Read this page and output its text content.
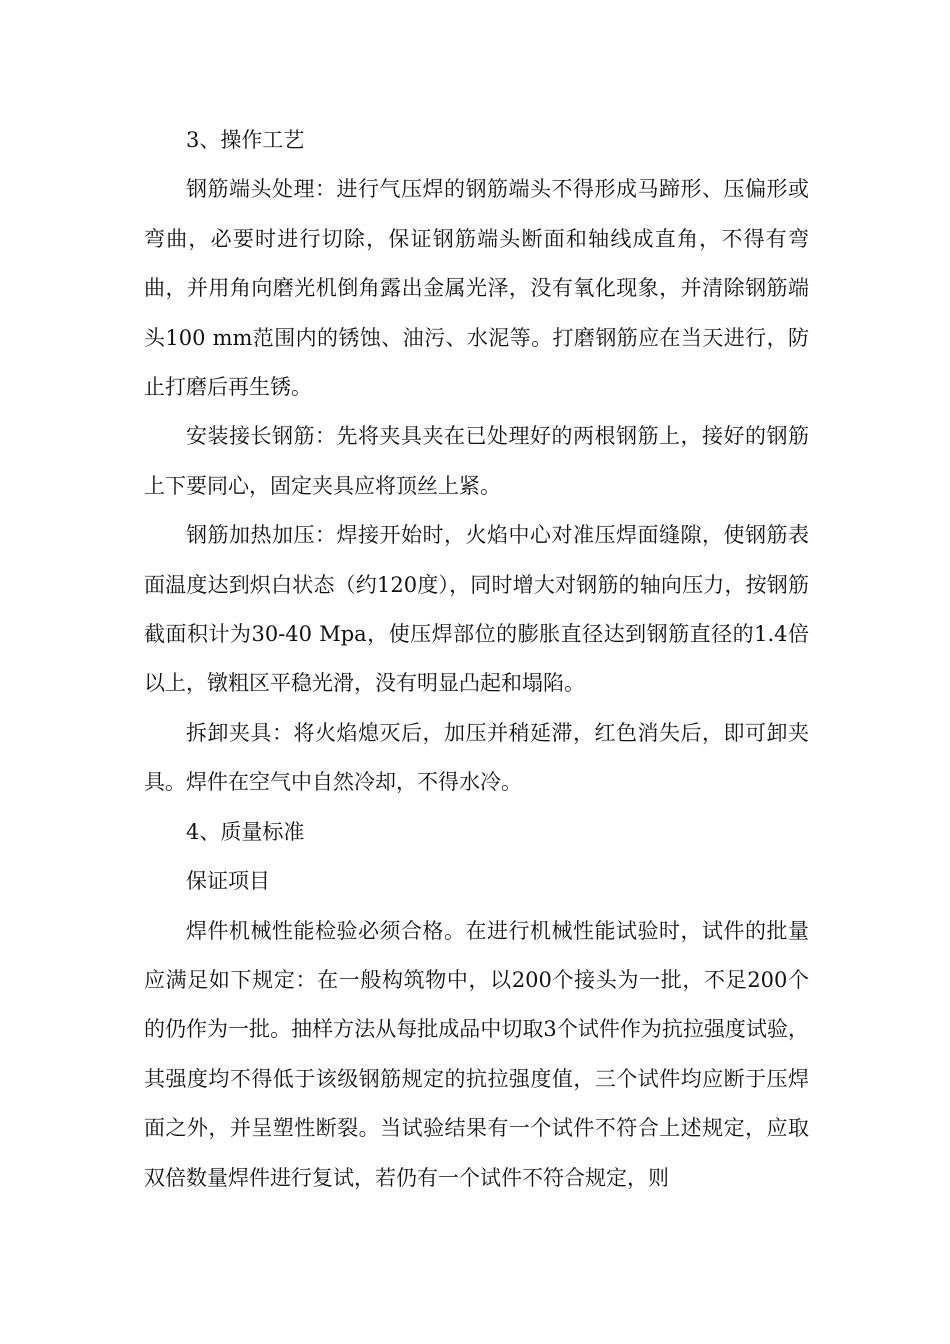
3、操作工艺

钢筋端头处理：进行气压焊的钢筋端头不得形成马蹄形、压偏形或弯曲，必要时进行切除，保证钢筋端头断面和轴线成直角，不得有弯曲，并用角向磨光机倒角露出金属光泽，没有氧化现象，并清除钢筋端头100 mm范围内的锈蚀、油污、水泥等。打磨钢筋应在当天进行，防止打磨后再生锈。

安装接长钢筋：先将夹具夹在已处理好的两根钢筋上，接好的钢筋上下要同心，固定夹具应将顶丝上紧。

钢筋加热加压：焊接开始时，火焰中心对准压焊面缝隙，使钢筋表面温度达到炽白状态（约120度），同时增大对钢筋的轴向压力，按钢筋截面积计为30-40 Mpa，使压焊部位的膨胀直径达到钢筋直径的1.4倍以上，镦粗区平稳光滑，没有明显凸起和塌陷。

拆卸夹具：将火焰熄灭后，加压并稍延滞，红色消失后，即可卸夹具。焊件在空气中自然冷却，不得水冷。

4、质量标准

保证项目

焊件机械性能检验必须合格。在进行机械性能试验时，试件的批量应满足如下规定：在一般构筑物中，以200个接头为一批，不足200个的仍作为一批。抽样方法从每批成品中切取3个试件作为抗拉强度试验，其强度均不得低于该级钢筋规定的抗拉强度值，三个试件均应断于压焊面之外，并呈塑性断裂。当试验结果有一个试件不符合上述规定，应取双倍数量焊件进行复试，若仍有一个试件不符合规定，则
